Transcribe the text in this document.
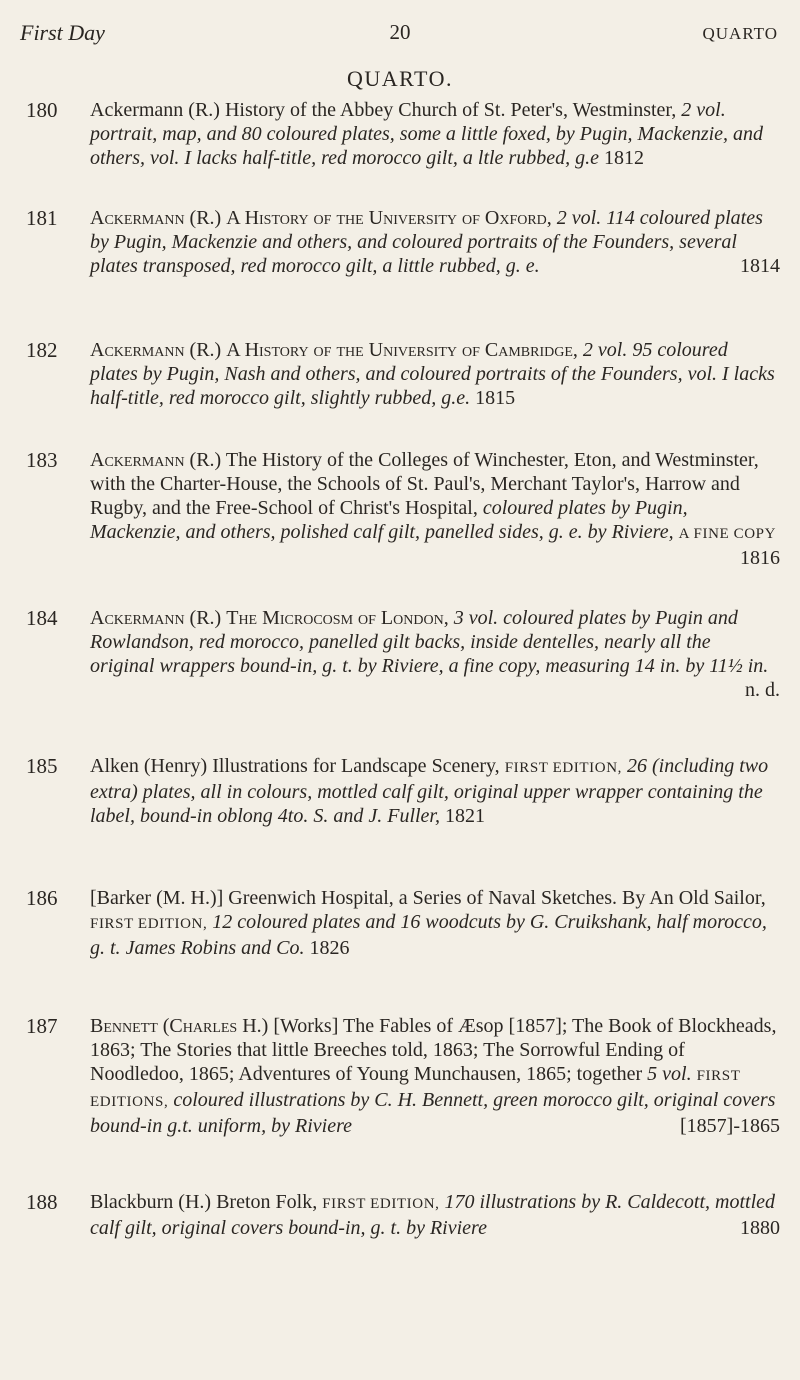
First Day	20	QUARTO
QUARTO.
180 Ackermann (R.) History of the Abbey Church of St. Peter's, Westminster, 2 vol. portrait, map, and 80 coloured plates, some a little foxed, by Pugin, Mackenzie, and others, vol. I lacks half-title, red morocco gilt, a ltle rubbed, g.e 1812
181 Ackermann (R.) A History of the University of Oxford, 2 vol. 114 coloured plates by Pugin, Mackenzie and others, and coloured portraits of the Founders, several plates transposed, red morocco gilt, a little rubbed, g. e.	1814
182 Ackermann (R.) A History of the University of Cambridge, 2 vol. 95 coloured plates by Pugin, Nash and others, and coloured portraits of the Founders, vol. I lacks half-title, red morocco gilt, slightly rubbed, g.e. 1815
183 Ackermann (R.) The History of the Colleges of Winchester, Eton, and Westminster, with the Charter-House, the Schools of St. Paul's, Merchant Taylor's, Harrow and Rugby, and the Free-School of Christ's Hospital, coloured plates by Pugin, Mackenzie, and others, polished calf gilt, panelled sides, g. e. by Riviere, A FINE COPY
1816
184 Ackermann (R.) The Microcosm of London, 3 vol. coloured plates by Pugin and Rowlandson, red morocco, panelled gilt backs, inside dentelles, nearly all the original wrappers bound-in, g. t. by Riviere, a fine copy, measuring 14 in. by 11½ in.
n. d.
185 Alken (Henry) Illustrations for Landscape Scenery, FIRST EDITION, 26 (including two extra) plates, all in colours, mottled calf gilt, original upper wrapper containing the label, bound-in oblong 4to. S. and J. Fuller, 1821
186 [Barker (M. H.)] Greenwich Hospital, a Series of Naval Sketches. By An Old Sailor, FIRST EDITION, 12 coloured plates and 16 woodcuts by G. Cruikshank, half morocco, g. t. James Robins and Co. 1826
187 Bennett (Charles H.) [Works] The Fables of Æsop [1857]; The Book of Blockheads, 1863; The Stories that little Breeches told, 1863; The Sorrowful Ending of Noodledoo, 1865; Adventures of Young Munchausen, 1865; together 5 vol. FIRST EDITIONS, coloured illustrations by C. H. Bennett, green morocco gilt, original covers bound-in g.t. uniform, by Riviere	[1857]-1865
188 Blackburn (H.) Breton Folk, FIRST EDITION, 170 illustrations by R. Caldecott, mottled calf gilt, original covers bound-in, g. t. by Riviere	1880
